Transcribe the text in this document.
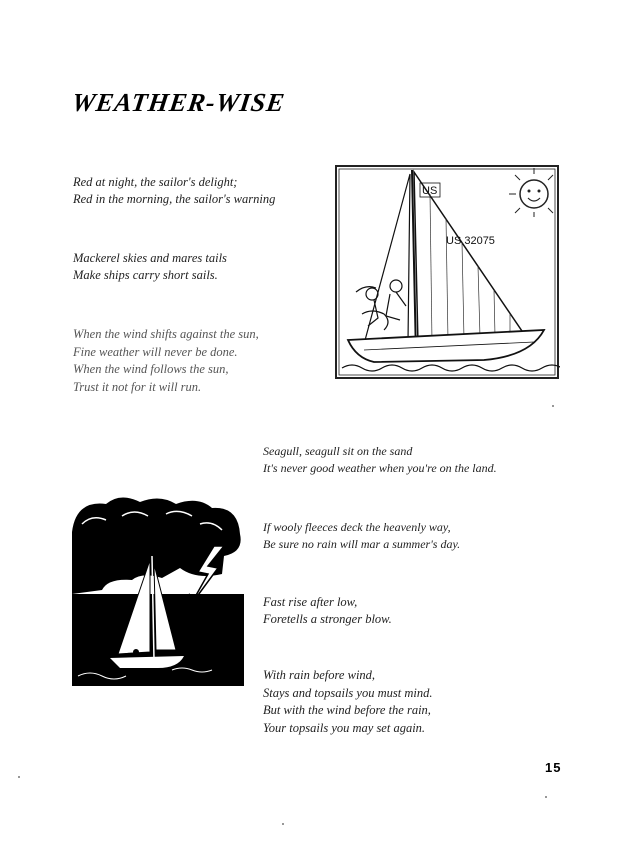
WEATHER-WISE
Red at night, the sailor's delight;
Red in the morning, the sailor's warning
Mackerel skies and mares tails
Make ships carry short sails.
When the wind shifts against the sun,
Fine weather will never be done.
When the wind follows the sun,
Trust it not for it will run.
Seagull, seagull sit on the sand
It's never good weather when you're on the land.
If wooly fleeces deck the heavenly way,
Be sure no rain will mar a summer's day.
Fast rise after low,
Foretells a stronger blow.
With rain before wind,
Stays and topsails you must mind.
But with the wind before the rain,
Your topsails you may set again.
US
US 32075
15
